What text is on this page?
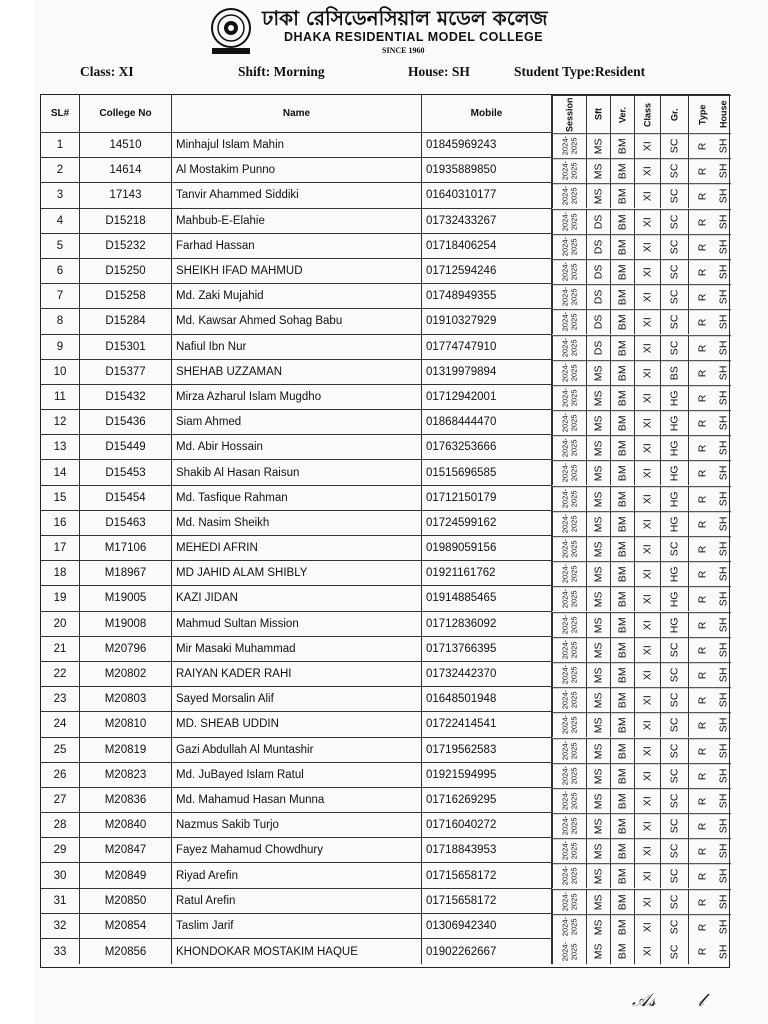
ঢাকা রেসিডেনসিয়াল মডেল কলেজ
DHAKA RESIDENTIAL MODEL COLLEGE
SINCE 1960
Class: XI	Shift: Morning	House: SH	Student Type:Resident
SL#	College No	Name	Mobile	Session	Sft	Ver.	Class	Gr.	Type	House
1	14510	Minhajul Islam Mahin	01845969243	2024-2025	MS	BM	XI	SC	R SH
2	14614	Al Mostakim Punno	01935889850	2024-2025	MS	BM	XI	SC	R SH
3	17143	Tanvir Ahammed Siddiki	01640310177	2024-2025	MS	BM	XI	SC	R SH
4	D15218	Mahbub-E-Elahie	01732433267	2024-2025	DS	BM	XI	SC	R SH
5	D15232	Farhad Hassan	01718406254	2024-2025	DS	BM	XI	SC	R SH
6	D15250	SHEIKH IFAD MAHMUD	01712594246	2024-2025	DS	BM	XI	SC	R SH
7	D15258	Md. Zaki Mujahid	01748949355	2024-2025	DS	BM	XI	SC	R SH
8	D15284	Md. Kawsar Ahmed Sohag Babu	01910327929	2024-2025	DS	BM	XI	SC	R SH
9	D15301	Nafiul Ibn Nur	01774747910	2024-2025	DS	BM	XI	SC	R SH
10	D15377	SHEHAB UZZAMAN	01319979894	2024-2025	MS	BM	XI	BS	R SH
11	D15432	Mirza Azharul Islam Mugdho	01712942001	2024-2025	MS	BM	XI	HG	R SH
12	D15436	Siam Ahmed	01868444470	2024-2025	MS	BM	XI	HG	R SH
13	D15449	Md. Abir Hossain	01763253666	2024-2025	MS	BM	XI	HG	R SH
14	D15453	Shakib Al Hasan Raisun	01515696585	2024-2025	MS	BM	XI	HG	R SH
15	D15454	Md. Tasfique Rahman	01712150179	2024-2025	MS	BM	XI	HG	R SH
16	D15463	Md. Nasim Sheikh	01724599162	2024-2025	MS	BM	XI	HG	R SH
17	M17106	MEHEDI AFRIN	01989059156	2024-2025	MS	BM	XI	SC	R SH
18	M18967	MD JAHID ALAM SHIBLY	01921161762	2024-2025	MS	BM	XI	HG	R SH
19	M19005	KAZI JIDAN	01914885465	2024-2025	MS	BM	XI	HG	R SH
20	M19008	Mahmud Sultan Mission	01712836092	2024-2025	MS	BM	XI	HG	R SH
21	M20796	Mir Masaki Muhammad	01713766395	2024-2025	MS	BM	XI	SC	R SH
22	M20802	RAIYAN KADER RAHI	01732442370	2024-2025	MS	BM	XI	SC	R SH
23	M20803	Sayed Morsalin Alif	01648501948	2024-2025	MS	BM	XI	SC	R SH
24	M20810	MD. SHEAB UDDIN	01722414541	2024-2025	MS	BM	XI	SC	R SH
25	M20819	Gazi Abdullah Al Muntashir	01719562583	2024-2025	MS	BM	XI	SC	R SH
26	M20823	Md. JuBayed Islam Ratul	01921594995	2024-2025	MS	BM	XI	SC	R SH
27	M20836	Md. Mahamud Hasan Munna	01716269295	2024-2025	MS	BM	XI	SC	R SH
28	M20840	Nazmus Sakib Turjo	01716040272	2024-2025	MS	BM	XI	SC	R SH
29	M20847	Fayez Mahamud Chowdhury	01718843953	2024-2025	MS	BM	XI	SC	R SH
30	M20849	Riyad Arefin	01715658172	2024-2025	MS	BM	XI	SC	R SH
31	M20850	Ratul Arefin	01715658172	2024-2025	MS	BM	XI	SC	R SH
32	M20854	Taslim Jarif	01306942340	2024-2025	MS	BM	XI	SC	R SH
33	M20856	KHONDOKAR MOSTAKIM HAQUE	01902262667	2024-2025	MS	BM	XI	SC	R SH
𝒜𝓈 𝓁
